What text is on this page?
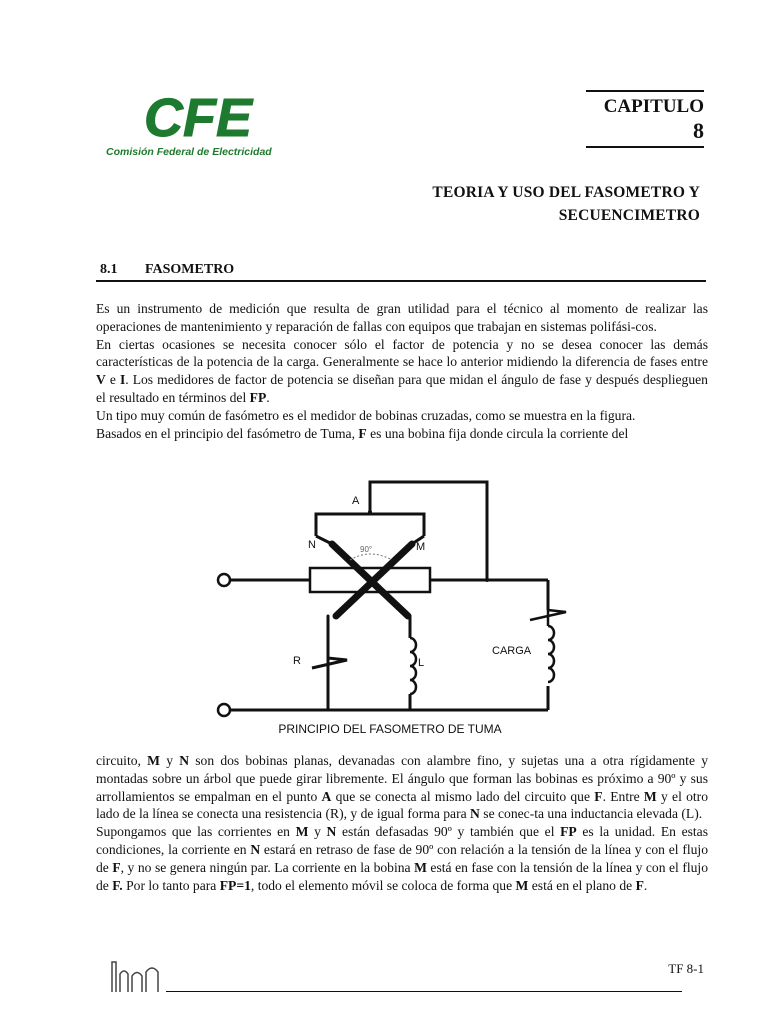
CFE
Comisión Federal de Electricidad
CAPITULO
8
TEORIA Y USO DEL FASOMETRO Y
SECUENCIMETRO
8.1 FASOMETRO
Es un instrumento de medición que resulta de gran utilidad para el técnico al momento de realizar las operaciones de mantenimiento y reparación de fallas con equipos que trabajan en sistemas polifási-cos.
En ciertas ocasiones se necesita conocer sólo el factor de potencia y no se desea conocer las demás características de la potencia de la carga. Generalmente se hace lo anterior midiendo la diferencia de fases entre V e I. Los medidores de factor de potencia se diseñan para que midan el ángulo de fase y después desplieguen el resultado en términos del FP.
Un tipo muy común de fasómetro es el medidor de bobinas cruzadas, como se muestra en la figura.
Basados en el principio del fasómetro de Tuma, F es una bobina fija donde circula la corriente del
A
N	M
90°
R	L
CARGA
PRINCIPIO DEL FASOMETRO DE TUMA
circuito, M y N son dos bobinas planas, devanadas con alambre fino, y sujetas una a otra rígidamente y montadas sobre un árbol que puede girar libremente. El ángulo que forman las bobinas es próximo a 90º y sus arrollamientos se empalman en el punto A que se conecta al mismo lado del circuito que F. Entre M y el otro lado de la línea se conecta una resistencia (R), y de igual forma para N se conec-ta una inductancia elevada (L).
Supongamos que las corrientes en M y N están defasadas 90º y también que el FP es la unidad. En estas condiciones, la corriente en N estará en retraso de fase de 90º con relación a la tensión de la línea y con el flujo de F, y no se genera ningún par. La corriente en la bobina M está en fase con la tensión de la línea y con el flujo de F. Por lo tanto para FP=1, todo el elemento móvil se coloca de forma que M está en el plano de F.
TF 8-1
